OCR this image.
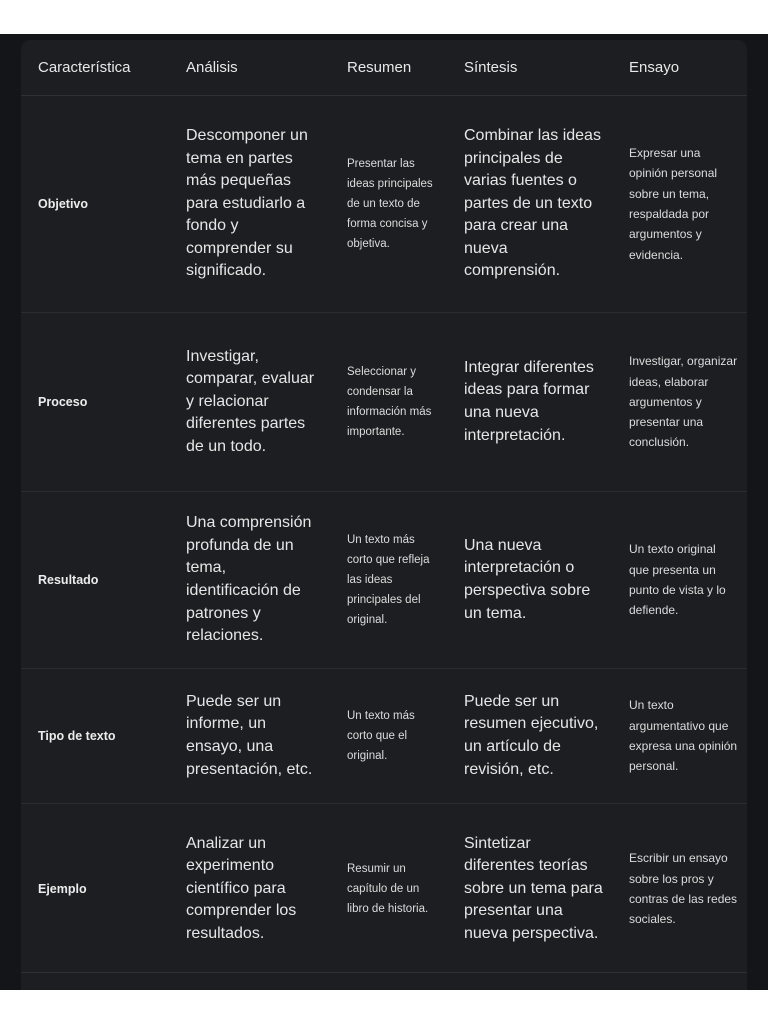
Característica	Análisis	Resumen	Síntesis	Ensayo
Objetivo	Descomponer un tema en partes más pequeñas para estudiarlo a fondo y comprender su significado.	Presentar las ideas principales de un texto de forma concisa y objetiva.	Combinar las ideas principales de varias fuentes o partes de un texto para crear una nueva comprensión.	Expresar una opinión personal sobre un tema, respaldada por argumentos y evidencia.
Proceso	Investigar, comparar, evaluar y relacionar diferentes partes de un todo.	Seleccionar y condensar la información más importante.	Integrar diferentes ideas para formar una nueva interpretación.	Investigar, organizar ideas, elaborar argumentos y presentar una conclusión.
Resultado	Una comprensión profunda de un tema, identificación de patrones y relaciones.	Un texto más corto que refleja las ideas principales del original.	Una nueva interpretación o perspectiva sobre un tema.	Un texto original que presenta un punto de vista y lo defiende.
Tipo de texto	Puede ser un informe, un ensayo, una presentación, etc.	Un texto más corto que el original.	Puede ser un resumen ejecutivo, un artículo de revisión, etc.	Un texto argumentativo que expresa una opinión personal.
Ejemplo	Analizar un experimento científico para comprender los resultados.	Resumir un capítulo de un libro de historia.	Sintetizar diferentes teorías sobre un tema para presentar una nueva perspectiva.	Escribir un ensayo sobre los pros y contras de las redes sociales.
